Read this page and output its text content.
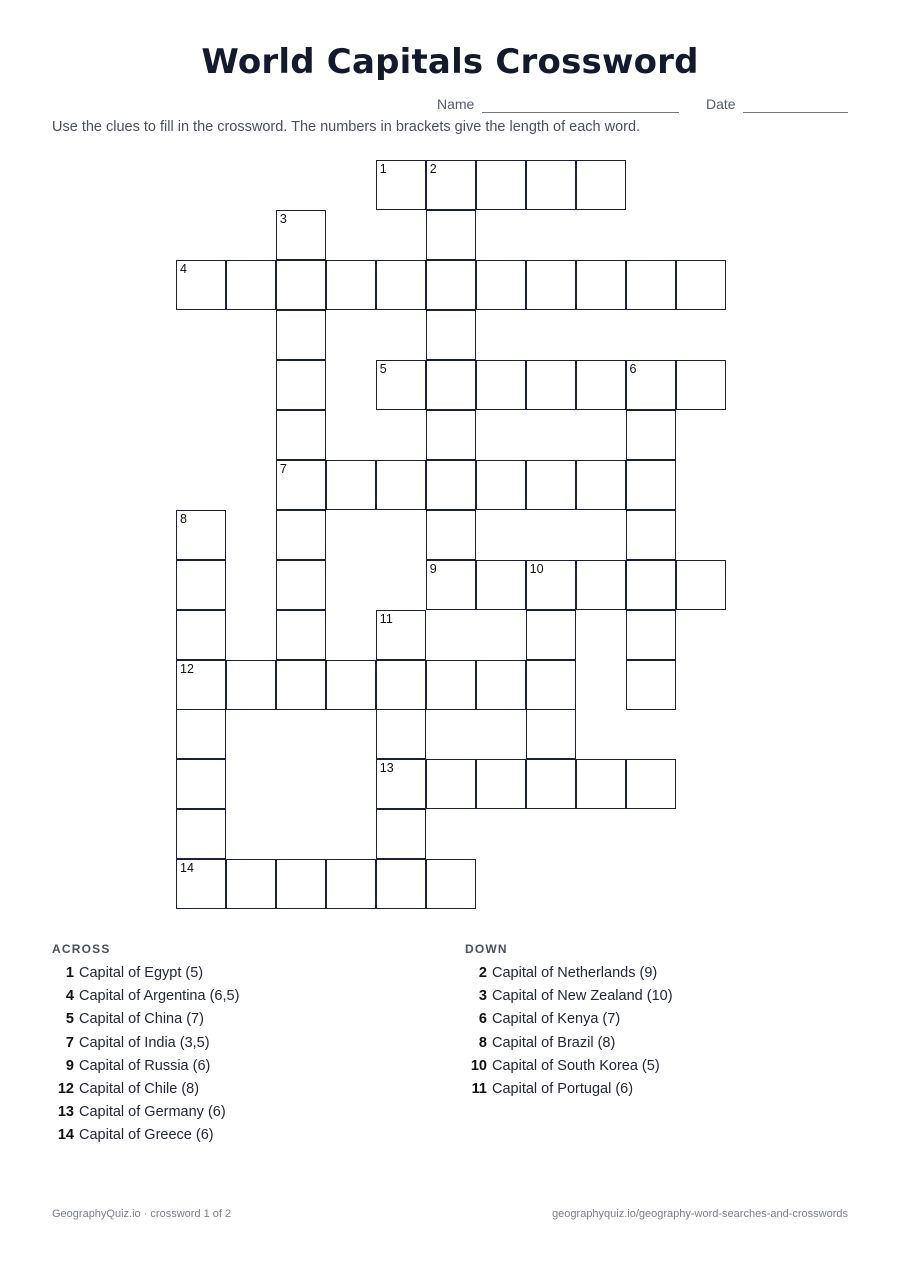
World Capitals Crossword
Name	Date
Use the clues to fill in the crossword. The numbers in brackets give the length of each word.
1	2
3
4
5	6
7
8
9	10
11
12
13
14
ACROSS
1 Capital of Egypt (5)
4 Capital of Argentina (6,5)
5 Capital of China (7)
7 Capital of India (3,5)
9 Capital of Russia (6)
12 Capital of Chile (8)
13 Capital of Germany (6)
14 Capital of Greece (6)
DOWN
2 Capital of Netherlands (9)
3 Capital of New Zealand (10)
6 Capital of Kenya (7)
8 Capital of Brazil (8)
10 Capital of South Korea (5)
11 Capital of Portugal (6)
GeographyQuiz.io · crossword 1 of 2	geographyquiz.io/geography-word-searches-and-crosswords
